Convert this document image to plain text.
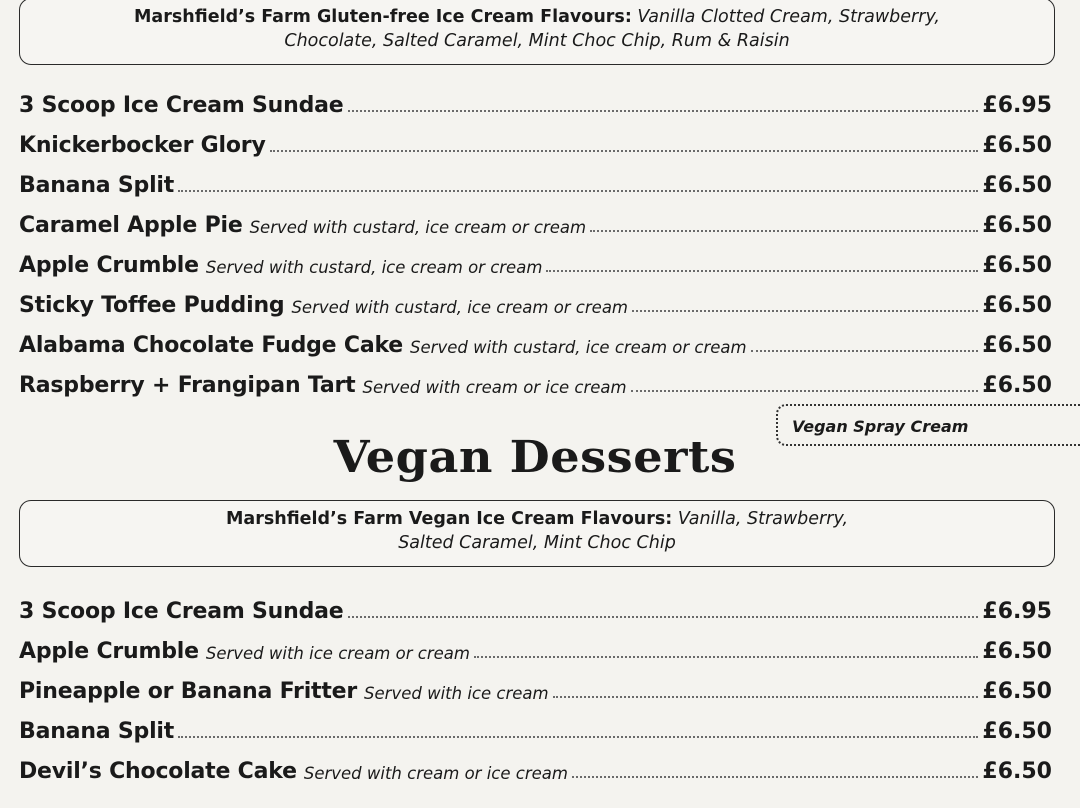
Marshfield’s Farm Gluten-free Ice Cream Flavours: Vanilla Clotted Cream, Strawberry,
Chocolate, Salted Caramel, Mint Choc Chip, Rum & Raisin
3 Scoop Ice Cream Sundae	£6.95
Knickerbocker Glory	£6.50
Banana Split	£6.50
Caramel Apple Pie Served with custard, ice cream or cream	£6.50
Apple Crumble Served with custard, ice cream or cream	£6.50
Sticky Toffee Pudding Served with custard, ice cream or cream	£6.50
Alabama Chocolate Fudge Cake Served with custard, ice cream or cream	£6.50
Raspberry + Frangipan Tart Served with cream or ice cream	£6.50
Vegan Spray Cream
Vegan Desserts
Marshfield’s Farm Vegan Ice Cream Flavours: Vanilla, Strawberry,
Salted Caramel, Mint Choc Chip
3 Scoop Ice Cream Sundae	£6.95
Apple Crumble Served with ice cream or cream	£6.50
Pineapple or Banana Fritter Served with ice cream	£6.50
Banana Split	£6.50
Devil’s Chocolate Cake Served with cream or ice cream	£6.50
